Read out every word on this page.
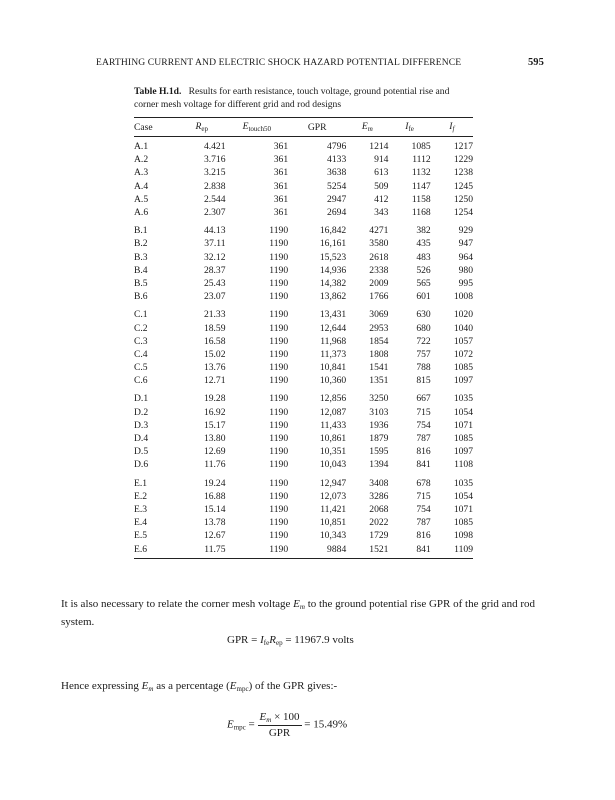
EARTHING CURRENT AND ELECTRIC SHOCK HAZARD POTENTIAL DIFFERENCE	595
Table H.1d. Results for earth resistance, touch voltage, ground potential rise and corner mesh voltage for different grid and rod designs
Case	$R_{ep}$	$E_{touch50}$	GPR	$E_m$	$I_{fe}$	$I_f$
A.1	4.421	361	4796	1214	1085	1217
A.2	3.716	361	4133	914	1112	1229
A.3	3.215	361	3638	613	1132	1238
A.4	2.838	361	5254	509	1147	1245
A.5	2.544	361	2947	412	1158	1250
A.6	2.307	361	2694	343	1168	1254
B.1	44.13	1190	16,842	4271	382	929
B.2	37.11	1190	16,161	3580	435	947
B.3	32.12	1190	15,523	2618	483	964
B.4	28.37	1190	14,936	2338	526	980
B.5	25.43	1190	14,382	2009	565	995
B.6	23.07	1190	13,862	1766	601	1008
C.1	21.33	1190	13,431	3069	630	1020
C.2	18.59	1190	12,644	2953	680	1040
C.3	16.58	1190	11,968	1854	722	1057
C.4	15.02	1190	11,373	1808	757	1072
C.5	13.76	1190	10,841	1541	788	1085
C.6	12.71	1190	10,360	1351	815	1097
D.1	19.28	1190	12,856	3250	667	1035
D.2	16.92	1190	12,087	3103	715	1054
D.3	15.17	1190	11,433	1936	754	1071
D.4	13.80	1190	10,861	1879	787	1085
D.5	12.69	1190	10,351	1595	816	1097
D.6	11.76	1190	10,043	1394	841	1108
E.1	19.24	1190	12,947	3408	678	1035
E.2	16.88	1190	12,073	3286	715	1054
E.3	15.14	1190	11,421	2068	754	1071
E.4	13.78	1190	10,851	2022	787	1085
E.5	12.67	1190	10,343	1729	816	1098
E.6	11.75	1190	9884	1521	841	1109
It is also necessary to relate the corner mesh voltage $E_m$ to the ground potential rise GPR of the grid and rod system.
GPR = $I_{fe}R_{ep} = 11967.9$ volts
Hence expressing $E_m$ as a percentage $(E_{mpc})$ of the GPR gives:-
$E_{mpc} = \frac{E_m \times 100}{\text{GPR}} = 15.49\%$
